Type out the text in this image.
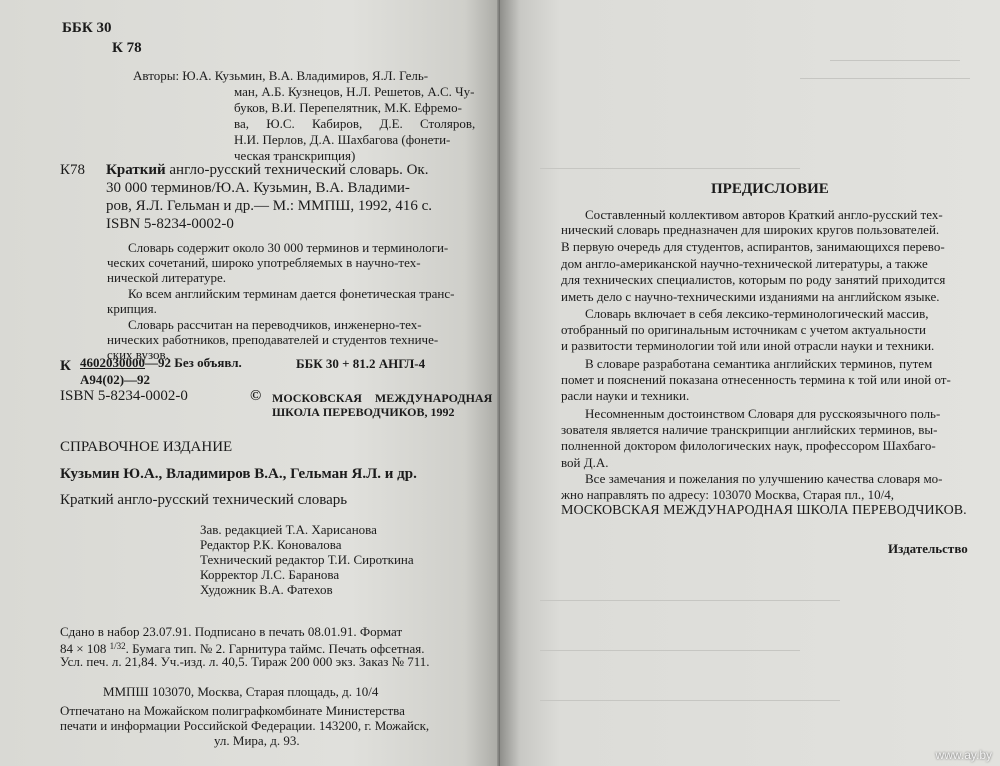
ББК 30
К 78
Авторы: Ю.А. Кузьмин, В.А. Владимиров, Я.Л. Гель-
ман, А.Б. Кузнецов, Н.Л. Решетов, А.С. Чу-
буков, В.И. Перепелятник, М.К. Ефремо-
ва, Ю.С. Кабиров, Д.Е. Столяров,
Н.И. Перлов, Д.А. Шахбагова (фонети-
ческая транскрипция)
К78 Краткий англо-русский технический словарь. Ок.
30 000 терминов/Ю.А. Кузьмин, В.А. Владими-
ров, Я.Л. Гельман и др.— М.: ММПШ, 1992, 416 с.
ISBN 5-8234-0002-0
Словарь содержит около 30 000 терминов и терминологи-
ческих сочетаний, широко употребляемых в научно-тех-
нической литературе.
Ко всем английским терминам дается фонетическая транс-
крипция.
Словарь рассчитан на переводчиков, инженерно-тех-
нических работников, преподавателей и студентов техниче-
ских вузов.
К 4602030000—92 Без объявл.
А94(02)—92
ББК 30 + 81.2 АНГЛ-4
ISBN 5-8234-0002-0	© МОСКОВСКАЯ МЕЖДУНАРОДНАЯ
ШКОЛА ПЕРЕВОДЧИКОВ, 1992
СПРАВОЧНОЕ ИЗДАНИЕ
Кузьмин Ю.А., Владимиров В.А., Гельман Я.Л. и др.
Краткий англо-русский технический словарь
Зав. редакцией Т.А. Харисанова
Редактор Р.К. Коновалова
Технический редактор Т.И. Сироткина
Корректор Л.С. Баранова
Художник В.А. Фатехов
Сдано в набор 23.07.91. Подписано в печать 08.01.91. Формат
84 × 108 $^{1/32}$. Бумага тип. № 2. Гарнитура таймс. Печать офсетная.
Усл. печ. л. 21,84. Уч.-изд. л. 40,5. Тираж 200 000 экз. Заказ № 711.
ММПШ 103070, Москва, Старая площадь, д. 10/4
Отпечатано на Можайском полиграфкомбинате Министерства
печати и информации Российской Федерации. 143200, г. Можайск,
ул. Мира, д. 93.
ПРЕДИСЛОВИЕ
Составленный коллективом авторов Краткий англо-русский тех-
нический словарь предназначен для широких кругов пользователей.
В первую очередь для студентов, аспирантов, занимающихся перево-
дом англо-американской научно-технической литературы, а также
для технических специалистов, которым по роду занятий приходится
иметь дело с научно-техническими изданиями на английском языке.
Словарь включает в себя лексико-терминологический массив,
отобранный по оригинальным источникам с учетом актуальности
и развитости терминологии той или иной отрасли науки и техники.
В словаре разработана семантика английских терминов, путем
помет и пояснений показана отнесенность термина к той или иной от-
расли науки и техники.
Несомненным достоинством Словаря для русскоязычного поль-
зователя является наличие транскрипции английских терминов, вы-
полненной доктором филологических наук, профессором Шахбаго-
вой Д.А.
Все замечания и пожелания по улучшению качества словаря мо-
жно направлять по адресу: 103070 Москва, Старая пл., 10/4,
МОСКОВСКАЯ МЕЖДУНАРОДНАЯ ШКОЛА ПЕРЕВОДЧИКОВ.
Издательство
www.ay.by
